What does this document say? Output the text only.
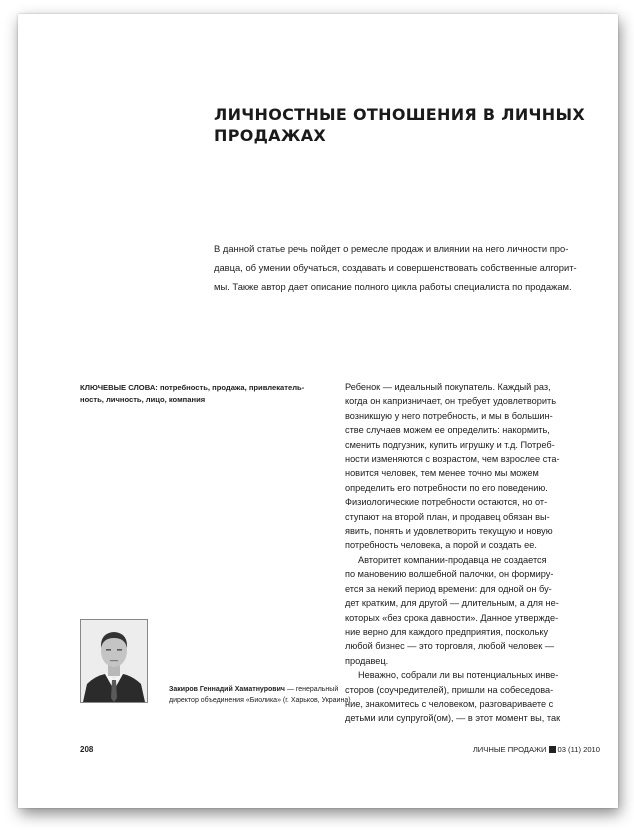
ЛИЧНОСТНЫЕ ОТНОШЕНИЯ В ЛИЧНЫХ
ПРОДАЖАХ
В данной статье речь пойдет о ремесле продаж и влиянии на него личности про-
давца, об умении обучаться, создавать и совершенствовать собственные алгорит-
мы. Также автор дает описание полного цикла работы специалиста по продажам.
КЛЮЧЕВЫЕ СЛОВА: потребность, продажа, привлекатель-
ность, личность, лицо, компания
Закиров Геннадий Хаматнурович — генеральный
директор объединения «Биолика» (г. Харьков, Украина)
Ребенок — идеальный покупатель. Каждый раз,
когда он капризничает, он требует удовлетворить
возникшую у него потребность, и мы в большин-
стве случаев можем ее определить: накормить,
сменить подгузник, купить игрушку и т.д. Потреб-
ности изменяются с возрастом, чем взрослее ста-
новится человек, тем менее точно мы можем
определить его потребности по его поведению.
Физиологические потребности остаются, но от-
ступают на второй план, и продавец обязан вы-
явить, понять и удовлетворить текущую и новую
потребность человека, а порой и создать ее.
Авторитет компании-продавца не создается
по мановению волшебной палочки, он формиру-
ется за некий период времени: для одной он бу-
дет кратким, для другой — длительным, а для не-
которых «без срока давности». Данное утвержде-
ние верно для каждого предприятия, поскольку
любой бизнес — это торговля, любой человек —
продавец.
Неважно, собрали ли вы потенциальных инве-
сторов (соучредителей), пришли на собеседова-
ние, знакомитесь с человеком, разговариваете с
детьми или супругой(ом), — в этот момент вы, так
208	ЛИЧНЫЕ ПРОДАЖИ 03 (11) 2010
